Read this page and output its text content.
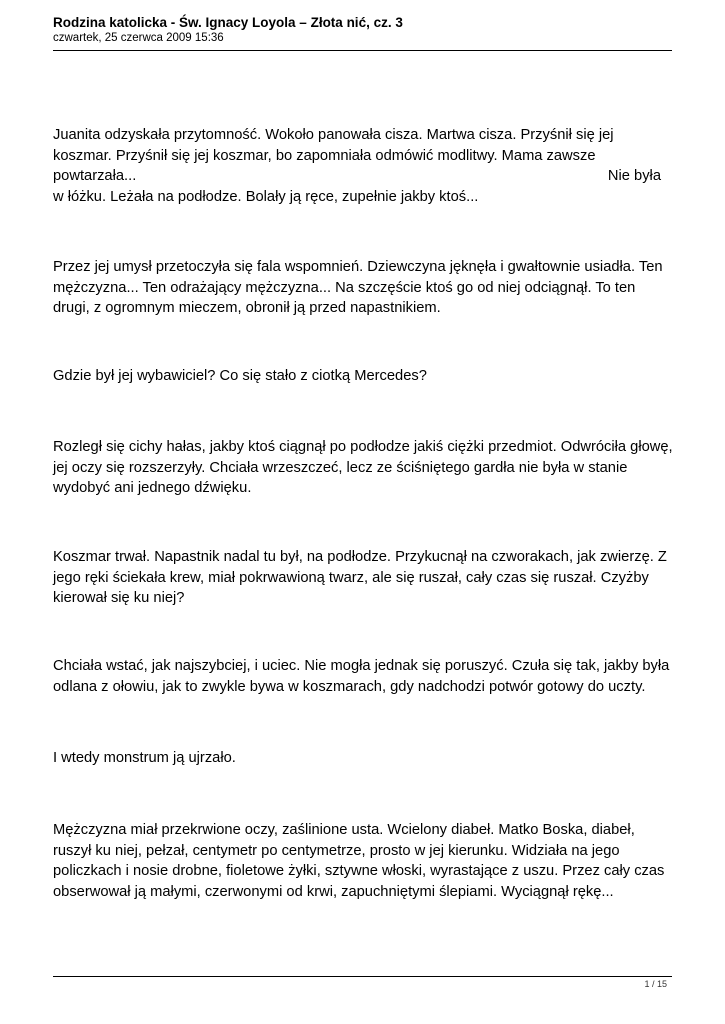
Rodzina katolicka - Św. Ignacy Loyola – Złota nić, cz. 3

czwartek, 25 czerwca 2009 15:36

Juanita odzyskała przytomność. Wokoło panowała cisza. Martwa cisza. Przyśnił się jej
koszmar. Przyśnił się jej koszmar, bo zapomniała odmówić modlitwy. Mama zawsze
powtarzała...	Nie była
w łóżku. Leżała na podłodze. Bolały ją ręce, zupełnie jakby ktoś...

Przez jej umysł przetoczyła się fala wspomnień. Dziewczyna jęknęła i gwałtownie usiadła. Ten
mężczyzna... Ten odrażający mężczyzna... Na szczęście ktoś go od niej odciągnął. To ten
drugi, z ogromnym mieczem, obronił ją przed napastnikiem.

Gdzie był jej wybawiciel? Co się stało z ciotką Mercedes?

Rozległ się cichy hałas, jakby ktoś ciągnął po podłodze jakiś ciężki przedmiot. Odwróciła głowę,
jej oczy się rozszerzyły. Chciała wrzeszczeć, lecz ze ściśniętego gardła nie była w stanie
wydobyć ani jednego dźwięku.

Koszmar trwał. Napastnik nadal tu był, na podłodze. Przykucnął na czworakach, jak zwierzę. Z
jego ręki ściekała krew, miał pokrwawioną twarz, ale się ruszał, cały czas się ruszał. Czyżby
kierował się ku niej?

Chciała wstać, jak najszybciej, i uciec. Nie mogła jednak się poruszyć. Czuła się tak, jakby była
odlana z ołowiu, jak to zwykle bywa w koszmarach, gdy nadchodzi potwór gotowy do uczty.

I wtedy monstrum ją ujrzało.

Mężczyzna miał przekrwione oczy, zaślinione usta. Wcielony diabeł. Matko Boska, diabeł,
ruszył ku niej, pełzał, centymetr po centymetrze, prosto w jej kierunku. Widziała na jego
policzkach i nosie drobne, fioletowe żyłki, sztywne włoski, wyrastające z uszu. Przez cały czas
obserwował ją małymi, czerwonymi od krwi, zapuchniętymi ślepiami. Wyciągnął rękę...

1 / 15
